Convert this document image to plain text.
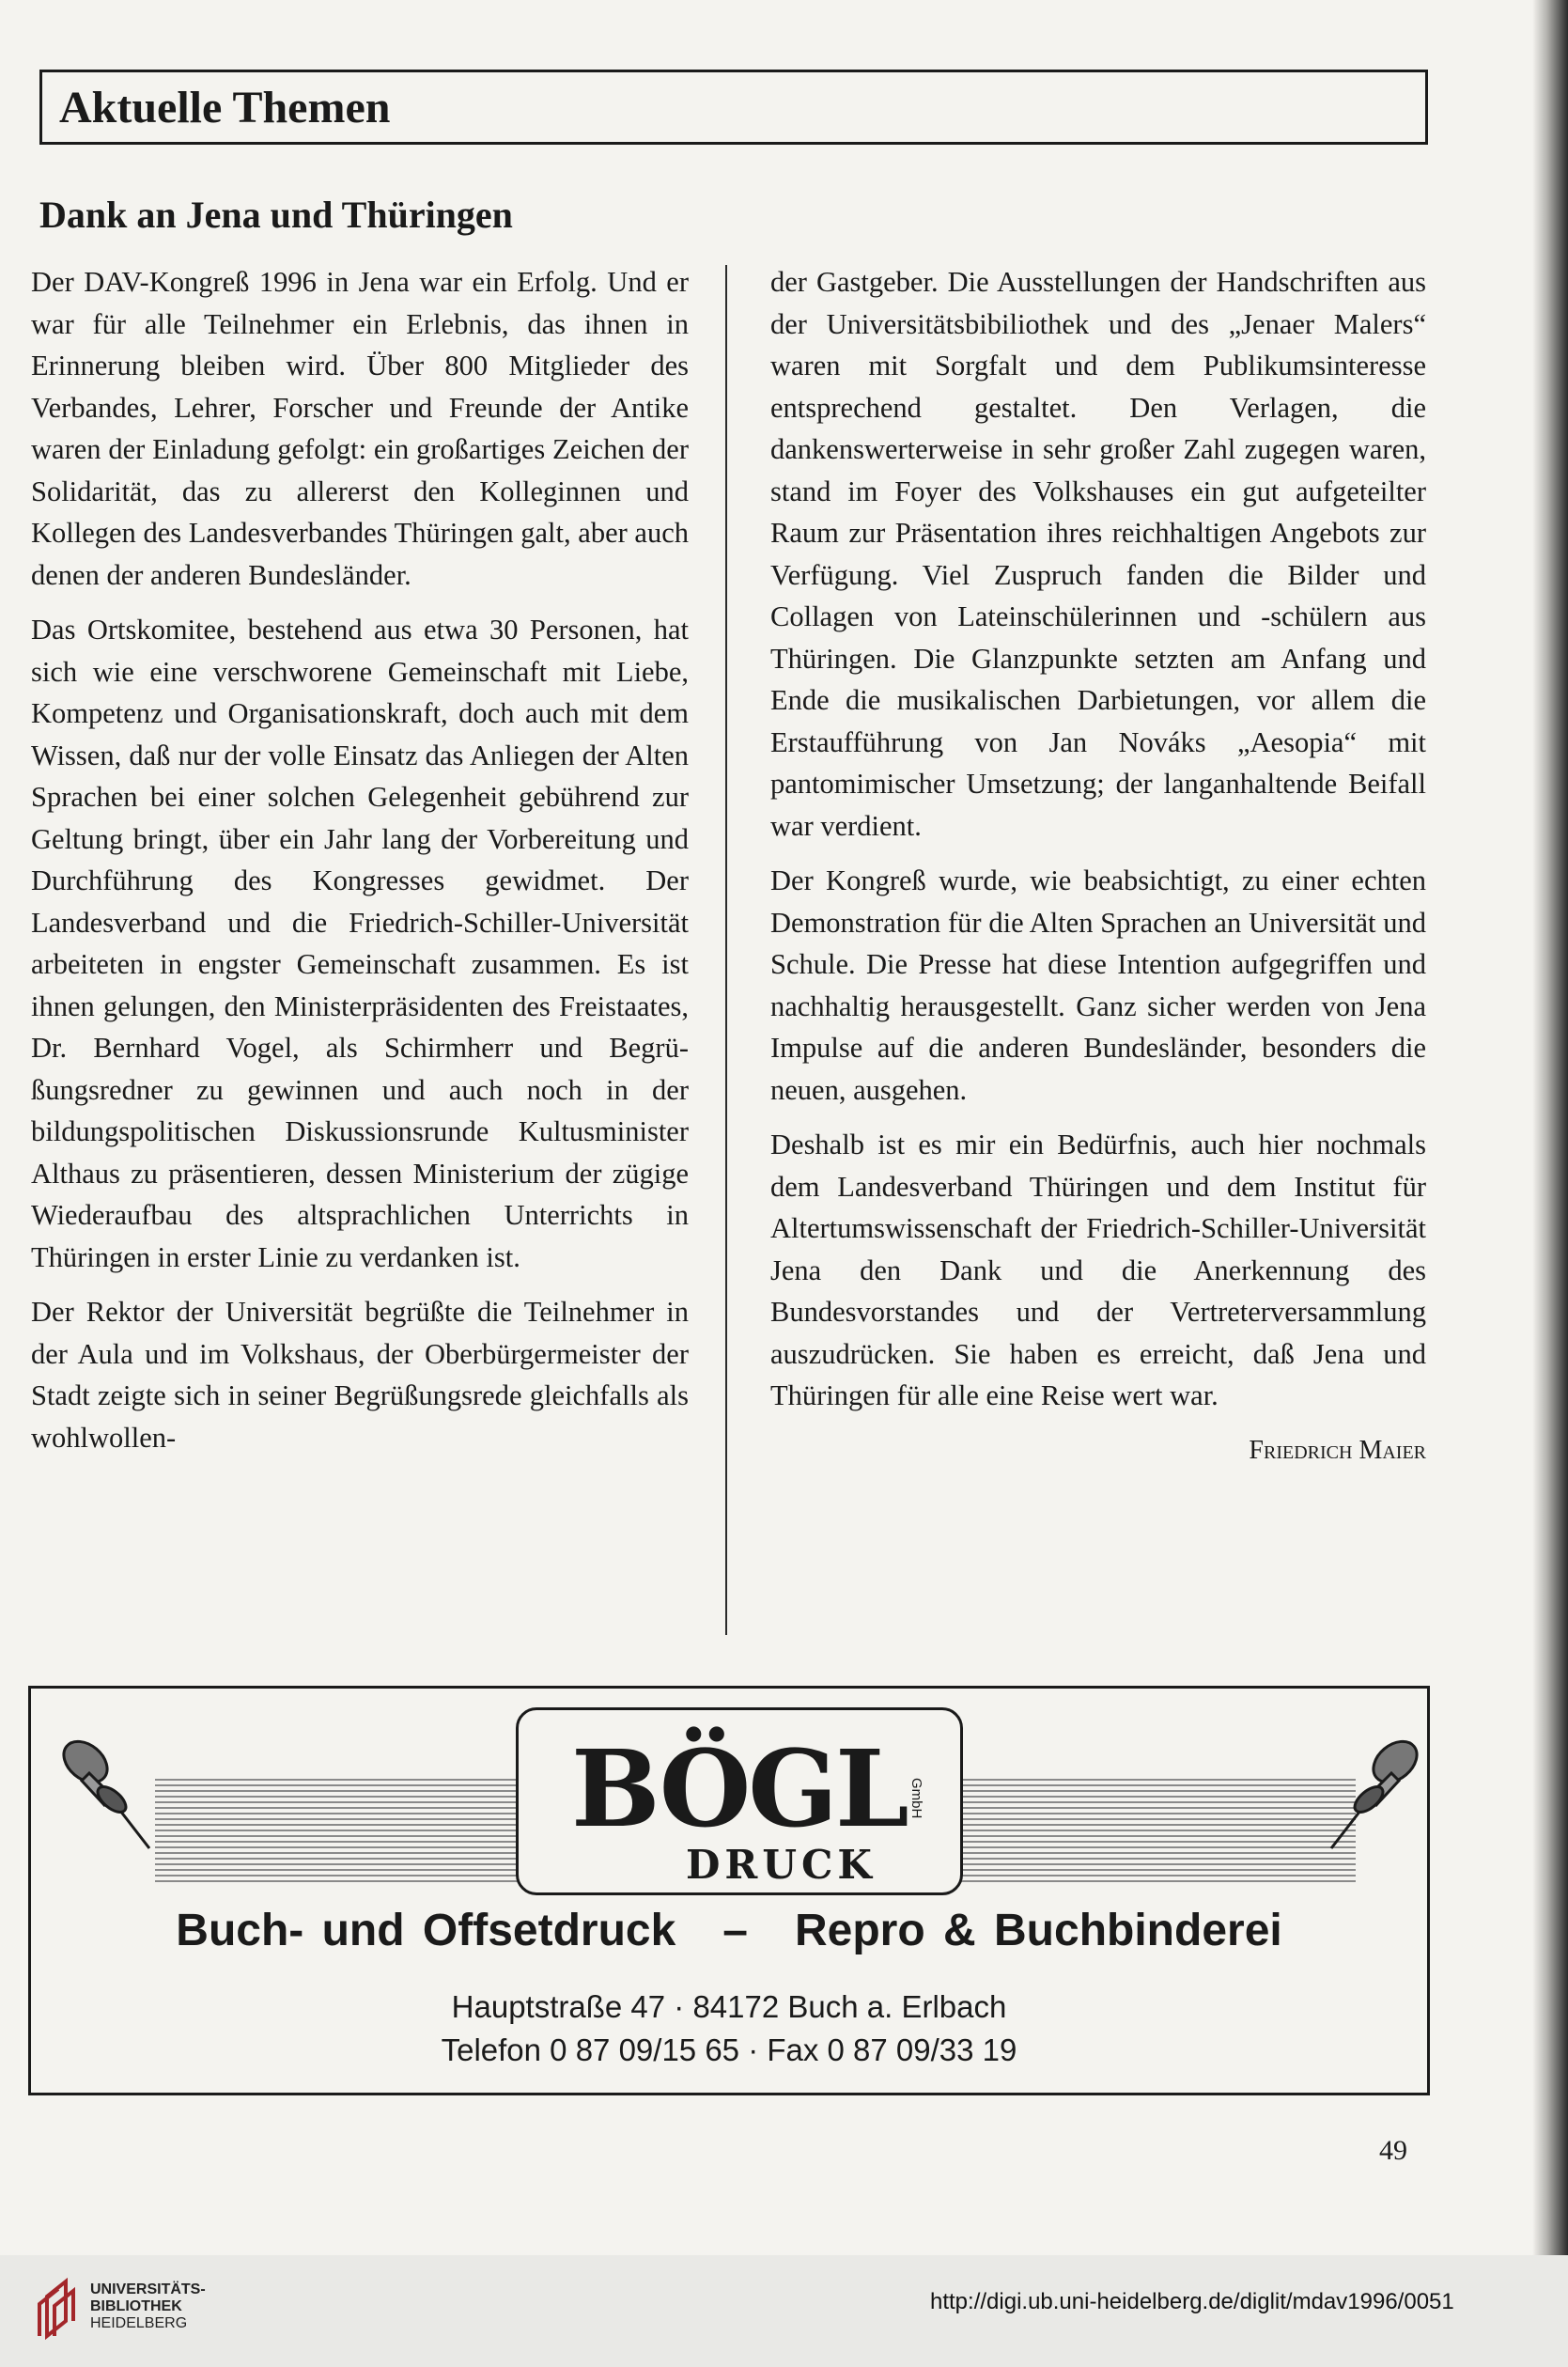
Aktuelle Themen
Dank an Jena und Thüringen

Der DAV-Kongreß 1996 in Jena war ein Erfolg. Und er war für alle Teilnehmer ein Erlebnis, das ihnen in Erinnerung bleiben wird. Über 800 Mitglieder des Verbandes, Lehrer, Forscher und Freunde der Antike waren der Einladung gefolgt: ein großartiges Zeichen der Solidarität, das zu allererst den Kolleginnen und Kollegen des Landesverbandes Thüringen galt, aber auch denen der anderen Bundesländer.

Das Ortskomitee, bestehend aus etwa 30 Personen, hat sich wie eine verschworene Gemeinschaft mit Liebe, Kompetenz und Organisationskraft, doch auch mit dem Wissen, daß nur der volle Einsatz das Anliegen der Alten Sprachen bei einer solchen Gelegenheit gebührend zur Geltung bringt, über ein Jahr lang der Vorbereitung und Durchführung des Kongresses gewidmet. Der Landesverband und die Friedrich-Schiller-Universität arbeiteten in engster Gemeinschaft zusammen. Es ist ihnen gelungen, den Ministerpräsidenten des Freistaates, Dr. Bernhard Vogel, als Schirmherr und Begrüßungsredner zu gewinnen und auch noch in der bildungspolitischen Diskussionsrunde Kultusminister Althaus zu präsentieren, dessen Ministerium der zügige Wiederaufbau des altsprachlichen Unterrichts in Thüringen in erster Linie zu verdanken ist.

Der Rektor der Universität begrüßte die Teilnehmer in der Aula und im Volkshaus, der Oberbürgermeister der Stadt zeigte sich in seiner Begrüßungsrede gleichfalls als wohlwollen-

der Gastgeber. Die Ausstellungen der Handschriften aus der Universitätsbibiliothek und des „Jenaer Malers“ waren mit Sorgfalt und dem Publikumsinteresse entsprechend gestaltet. Den Verlagen, die dankenswerterweise in sehr großer Zahl zugegen waren, stand im Foyer des Volkshauses ein gut aufgeteilter Raum zur Präsentation ihres reichhaltigen Angebots zur Verfügung. Viel Zuspruch fanden die Bilder und Collagen von Lateinschülerinnen und -schülern aus Thüringen. Die Glanzpunkte setzten am Anfang und Ende die musikalischen Darbietungen, vor allem die Erstaufführung von Jan Nováks „Aesopia“ mit pantomimischer Umsetzung; der langanhaltende Beifall war verdient.

Der Kongreß wurde, wie beabsichtigt, zu einer echten Demonstration für die Alten Sprachen an Universität und Schule. Die Presse hat diese Intention aufgegriffen und nachhaltig herausgestellt. Ganz sicher werden von Jena Impulse auf die anderen Bundesländer, besonders die neuen, ausgehen.

Deshalb ist es mir ein Bedürfnis, auch hier nochmals dem Landesverband Thüringen und dem Institut für Altertumswissenschaft der Friedrich-Schiller-Universität Jena den Dank und die Anerkennung des Bundesvorstandes und der Vertreterversammlung auszudrücken. Sie haben es erreicht, daß Jena und Thüringen für alle eine Reise wert war.

Friedrich Maier
BÖGL
DRUCK
GmbH
Buch- und Offsetdruck – Repro & Buchbinderei
Hauptstraße 47 · 84172 Buch a. Erlbach
Telefon 0 87 09/15 65 · Fax 0 87 09/33 19
49
UNIVERSITÄTS-
BIBLIOTHEK
HEIDELBERG
http://digi.ub.uni-heidelberg.de/diglit/mdav1996/0051
